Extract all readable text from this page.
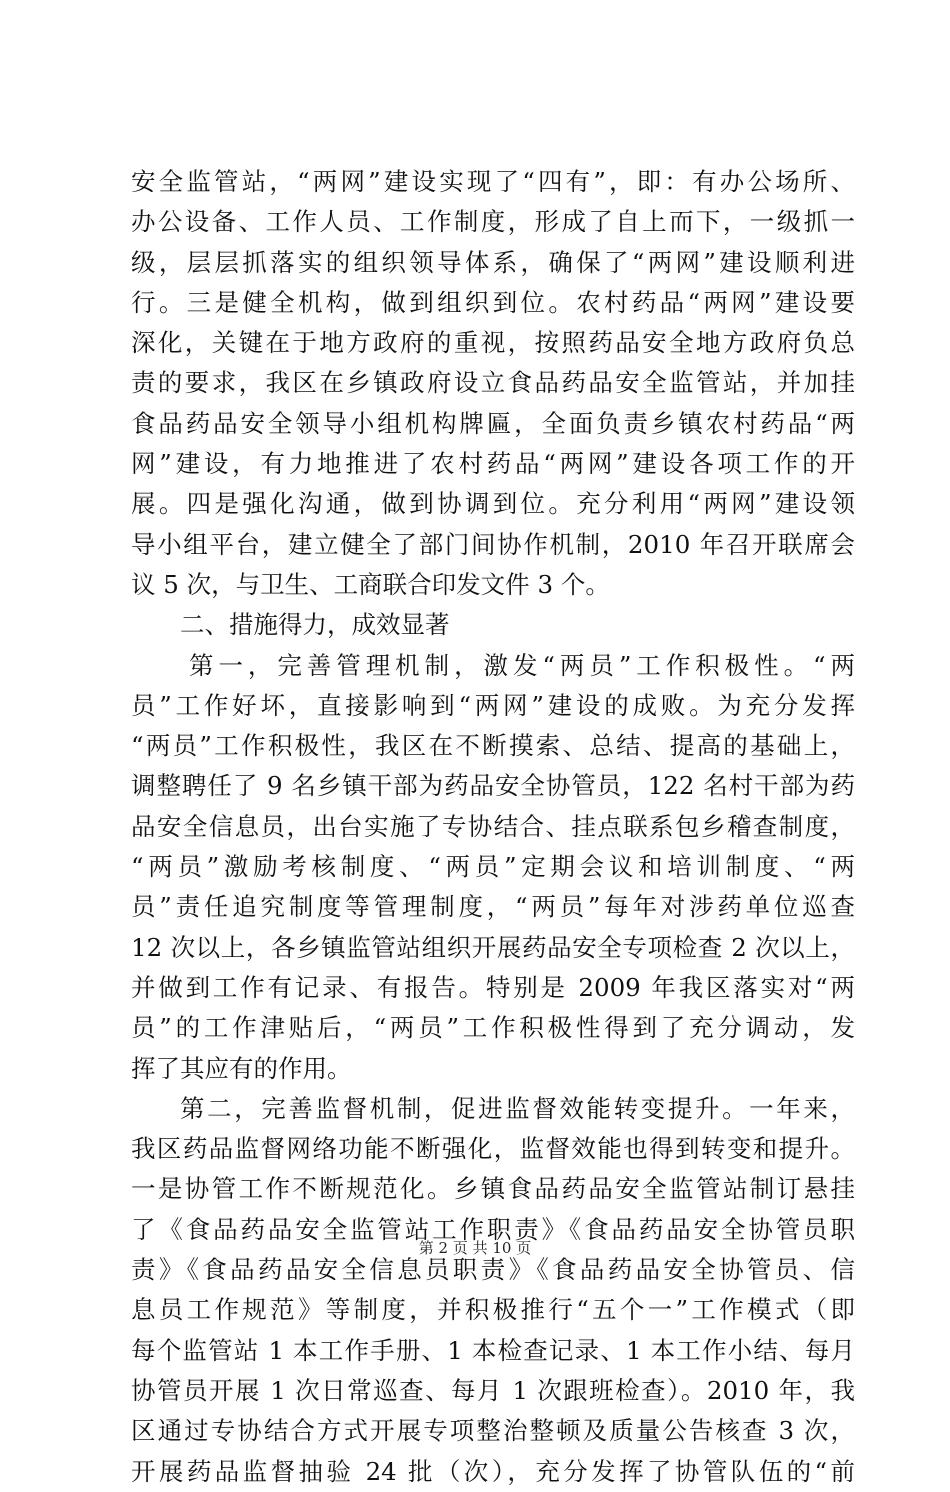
安全监管站，“两网”建设实现了“四有”，即：有办公场所、
办公设备、工作人员、工作制度，形成了自上而下，一级抓一
级，层层抓落实的组织领导体系，确保了“两网”建设顺利进
行。三是健全机构，做到组织到位。农村药品“两网”建设要
深化，关键在于地方政府的重视，按照药品安全地方政府负总
责的要求，我区在乡镇政府设立食品药品安全监管站，并加挂
食品药品安全领导小组机构牌匾，全面负责乡镇农村药品“两
网”建设，有力地推进了农村药品“两网”建设各项工作的开
展。四是强化沟通，做到协调到位。充分利用“两网”建设领
导小组平台，建立健全了部门间协作机制，2010 年召开联席会
议 5 次，与卫生、工商联合印发文件 3 个。
二、措施得力，成效显著
第一，完善管理机制，激发“两员”工作积极性。“两
员”工作好坏，直接影响到“两网”建设的成败。为充分发挥
“两员”工作积极性，我区在不断摸索、总结、提高的基础上，
调整聘任了 9 名乡镇干部为药品安全协管员，122 名村干部为药
品安全信息员，出台实施了专协结合、挂点联系包乡稽查制度，
“两员”激励考核制度、“两员”定期会议和培训制度、“两
员”责任追究制度等管理制度，“两员”每年对涉药单位巡查
12 次以上，各乡镇监管站组织开展药品安全专项检查 2 次以上，
并做到工作有记录、有报告。特别是 2009 年我区落实对“两
员”的工作津贴后，“两员”工作积极性得到了充分调动，发
挥了其应有的作用。
第二，完善监督机制，促进监督效能转变提升。一年来，
我区药品监督网络功能不断强化，监督效能也得到转变和提升。
一是协管工作不断规范化。乡镇食品药品安全监管站制订悬挂
了《食品药品安全监管站工作职责》《食品药品安全协管员职
责》《食品药品安全信息员职责》《食品药品安全协管员、信
息员工作规范》等制度，并积极推行“五个一”工作模式（即
每个监管站 1 本工作手册、1 本检查记录、1 本工作小结、每月
协管员开展 1 次日常巡查、每月 1 次跟班检查）。2010 年，我
区通过专协结合方式开展专项整治整顿及质量公告核查 3 次，
开展药品监督抽验 24 批（次），充分发挥了协管队伍的“前
第 2 页 共 10 页
